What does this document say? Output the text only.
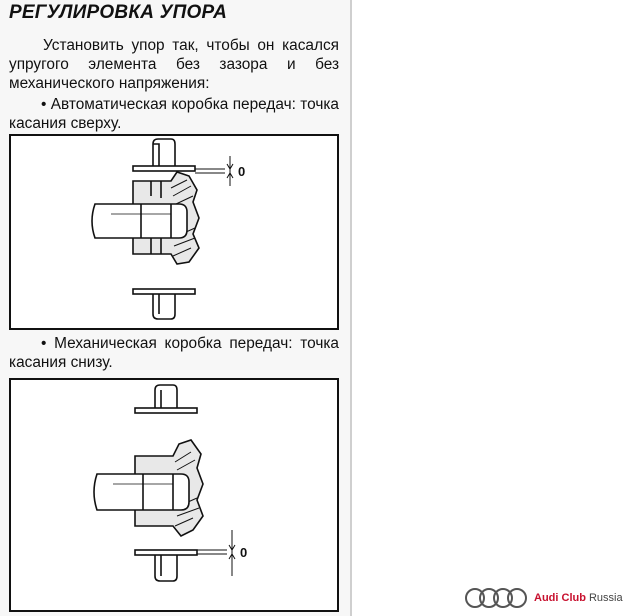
РЕГУЛИРОВКА УПОРА

Установить упор так, чтобы он касался упругого элемента без зазора и без механического напряжения:

• Автоматическая коробка передач: точка касания сверху.

0

• Механическая коробка передач: точка касания снизу.

0
Audi Club Russia
